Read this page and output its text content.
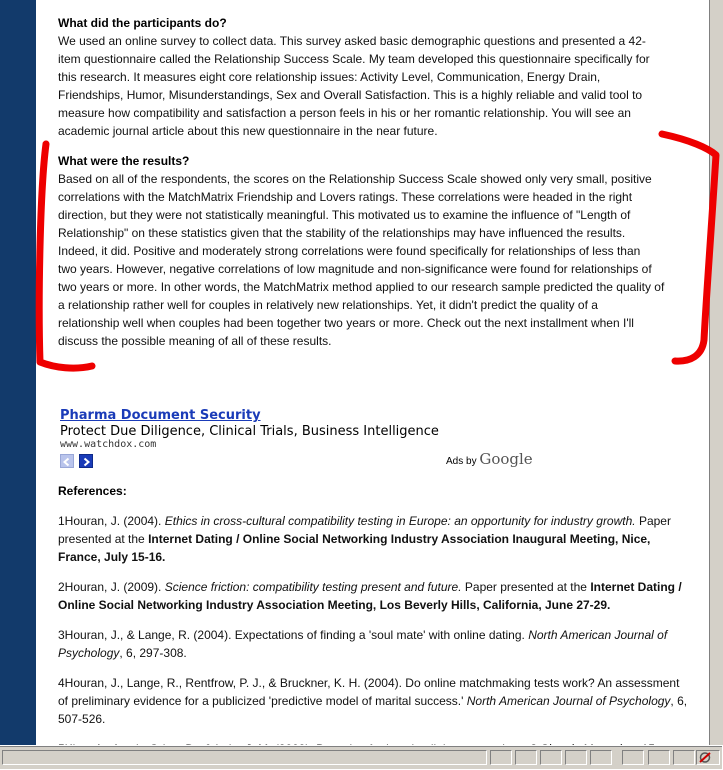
What did the participants do?
We used an online survey to collect data. This survey asked basic demographic questions and presented a 42-
item questionnaire called the Relationship Success Scale. My team developed this questionnaire specifically for
this research. It measures eight core relationship issues: Activity Level, Communication, Energy Drain,
Friendships, Humor, Misunderstandings, Sex and Overall Satisfaction. This is a highly reliable and valid tool to
measure how compatibility and satisfaction a person feels in his or her romantic relationship. You will see an
academic journal article about this new questionnaire in the near future.
What were the results?
Based on all of the respondents, the scores on the Relationship Success Scale showed only very small, positive
correlations with the MatchMatrix Friendship and Lovers ratings. These correlations were headed in the right
direction, but they were not statistically meaningful. This motivated us to examine the influence of "Length of
Relationship" on these statistics given that the stability of the relationships may have influenced the results.
Indeed, it did. Positive and moderately strong correlations were found specifically for relationships of less than
two years. However, negative correlations of low magnitude and non-significance were found for relationships of
two years or more. In other words, the MatchMatrix method applied to our research sample predicted the quality of
a relationship rather well for couples in relatively new relationships. Yet, it didn't predict the quality of a
relationship well when couples had been together two years or more. Check out the next installment when I'll
discuss the possible meaning of all of these results.
Pharma Document Security
Protect Due Diligence, Clinical Trials, Business Intelligence
www.watchdox.com
Ads by Google
References:
1Houran, J. (2004). Ethics in cross-cultural compatibility testing in Europe: an opportunity for industry growth. Paper presented at the Internet Dating / Online Social Networking Industry Association Inaugural Meeting, Nice, France, July 15-16.
2Houran, J. (2009). Science friction: compatibility testing present and future. Paper presented at the Internet Dating / Online Social Networking Industry Association Meeting, Los Beverly Hills, California, June 27-29.
3Houran, J., & Lange, R. (2004). Expectations of finding a 'soul mate' with online dating. North American Journal of Psychology, 6, 297-308.
4Houran, J., Lange, R., Rentfrow, P. J., & Bruckner, K. H. (2004). Do online matchmaking tests work? An assessment of preliminary evidence for a publicized 'predictive model of marital success.' North American Journal of Psychology, 6, 507-526.
